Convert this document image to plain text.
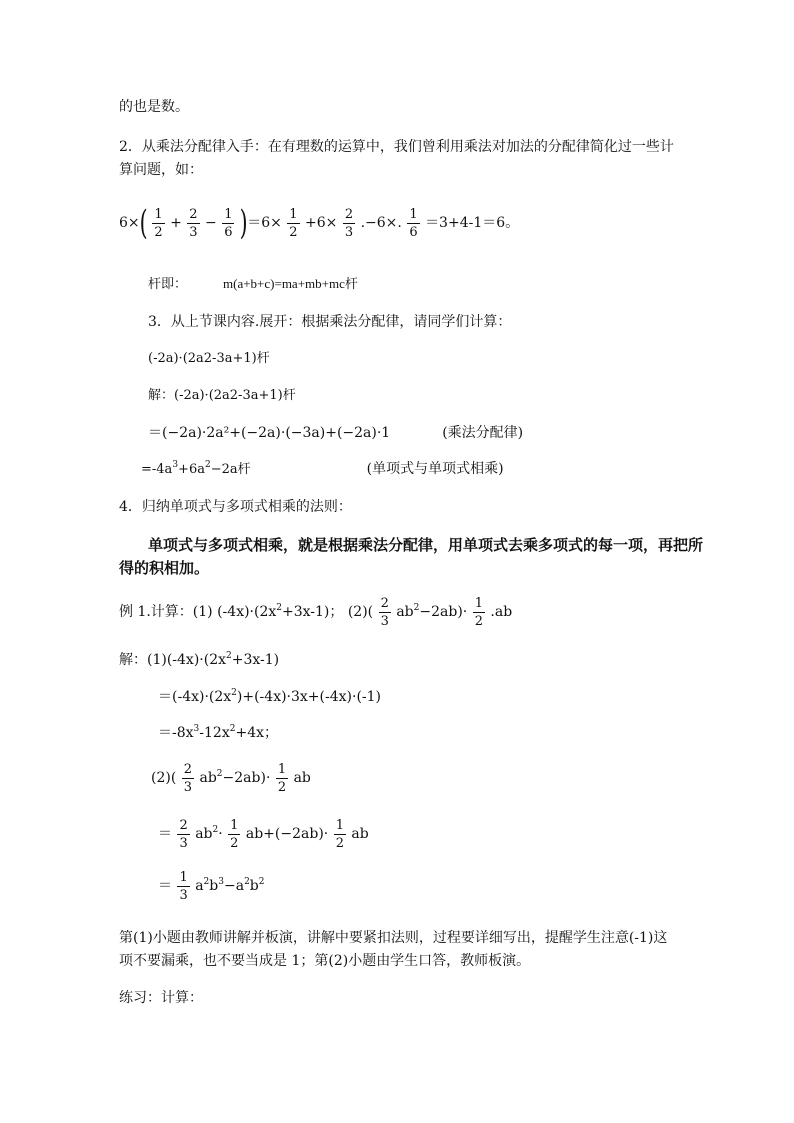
的也是数。
2．从乘法分配律入手：在有理数的运算中，我们曾利用乘法对加法的分配律简化过一些计
算问题，如：
$6\times( \frac{1}{2} + \frac{2}{3} - \frac{1}{6} )=6\times \frac{1}{2} +6\times \frac{2}{3} .-6\times$. $\frac{1}{6} =3+4-1=6$。
杆即：	m(a+b+c)=ma+mb+mc杆
3．从上节课内容.展开：根据乘法分配律，请同学们计算：
(-2a)·(2a2-3a+1)杆
解：(-2a)·(2a2-3a+1)杆
＝(−2a)·2a²+(−2a)·(−3a)+(−2a)·1	(乘法分配律)
$=-4a^3+6a^2-2a$杆	(单项式与单项式相乘)
4．归纳单项式与多项式相乘的法则：
单项式与多项式相乘，就是根据乘法分配律，用单项式去乘多项式的每一项，再把所
得的积相加。
例 1.计算：(1) $(-4x)\cdot(2x^2+3x-1)$； $(2)( \frac{2}{3} ab^2-2ab)\cdot \frac{1}{2} .ab$
解：$(1)(-4x)\cdot(2x^2+3x-1)$
$=(-4x)\cdot(2x^2)+(-4x)\cdot 3x+(-4x)\cdot(-1)$
$=-8x^3-12x^2+4x$；
$(2)( \frac{2}{3} ab^2-2ab)\cdot \frac{1}{2}$ ab
＝ $\frac{2}{3} ab^2\cdot \frac{1}{2} ab+(-2ab)\cdot \frac{1}{2}$ ab
＝ $\frac{1}{3} a^2b^3-a^2b^2$
第(1)小题由教师讲解并板演，讲解中要紧扣法则，过程要详细写出，提醒学生注意(-1)这
项不要漏乘，也不要当成是 1；第(2)小题由学生口答，教师板演。
练习：计算：
